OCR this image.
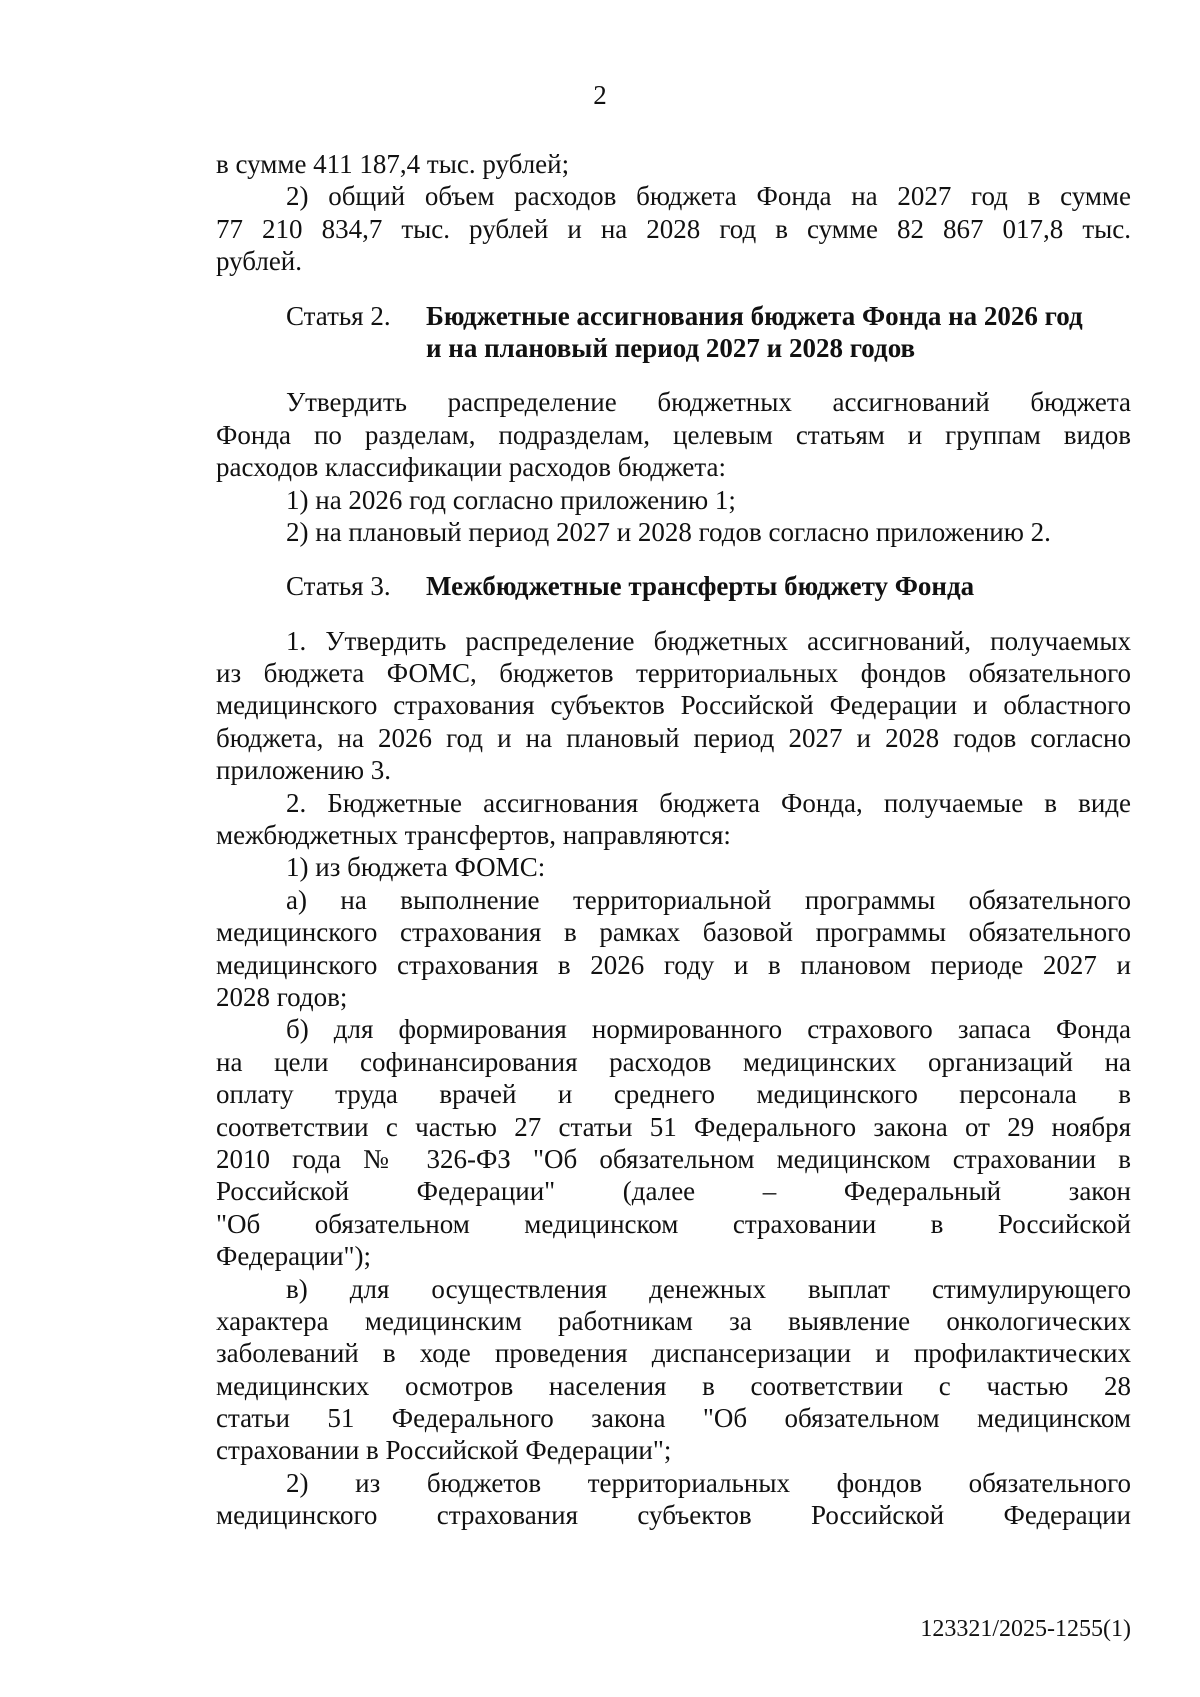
2
в сумме 411 187,4 тыс. рублей;
2) общий объем расходов бюджета Фонда на 2027 год в сумме
77 210 834,7 тыс. рублей и на 2028 год в сумме 82 867 017,8 тыс.
рублей.
Статья 2.	Бюджетные ассигнования бюджета Фонда на 2026 год
и на плановый период 2027 и 2028 годов
Утвердить распределение бюджетных ассигнований бюджета
Фонда по разделам, подразделам, целевым статьям и группам видов
расходов классификации расходов бюджета:
1) на 2026 год согласно приложению 1;
2) на плановый период 2027 и 2028 годов согласно приложению 2.
Статья 3.	Межбюджетные трансферты бюджету Фонда
1. Утвердить распределение бюджетных ассигнований, получаемых
из бюджета ФОМС, бюджетов территориальных фондов обязательного
медицинского страхования субъектов Российской Федерации и областного
бюджета, на 2026 год и на плановый период 2027 и 2028 годов согласно
приложению 3.
2. Бюджетные ассигнования бюджета Фонда, получаемые в виде
межбюджетных трансфертов, направляются:
1) из бюджета ФОМС:
а) на выполнение территориальной программы обязательного
медицинского страхования в рамках базовой программы обязательного
медицинского страхования в 2026 году и в плановом периоде 2027 и
2028 годов;
б) для формирования нормированного страхового запаса Фонда
на цели софинансирования расходов медицинских организаций на
оплату труда врачей и среднего медицинского персонала в
соответствии с частью 27 статьи 51 Федерального закона от 29 ноября
2010 года № 326-ФЗ "Об обязательном медицинском страховании в
Российской Федерации" (далее – Федеральный закон
"Об обязательном медицинском страховании в Российской
Федерации");
в) для осуществления денежных выплат стимулирующего
характера медицинским работникам за выявление онкологических
заболеваний в ходе проведения диспансеризации и профилактических
медицинских осмотров населения в соответствии с частью 28
статьи 51 Федерального закона "Об обязательном медицинском
страховании в Российской Федерации";
2) из бюджетов территориальных фондов обязательного
медицинского страхования субъектов Российской Федерации
123321/2025-1255(1)
